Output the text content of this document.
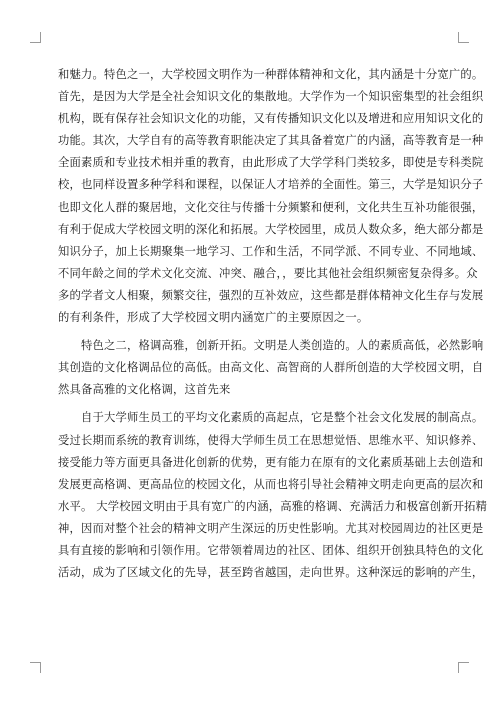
和魅力。特色之一，大学校园文明作为一种群体精神和文化，其内涵是十分宽广的。
首先，是因为大学是全社会知识文化的集散地。大学作为一个知识密集型的社会组织
机构，既有保存社会知识文化的功能，又有传播知识文化以及增进和应用知识文化的
功能。其次，大学自有的高等教育职能决定了其具备着宽广的内涵，高等教育是一种
全面素质和专业技术相并重的教育，由此形成了大学学科门类较多，即使是专科类院
校，也同样设置多种学科和课程，以保证人才培养的全面性。第三，大学是知识分子
也即文化人群的聚居地，文化交往与传播十分频繁和便利，文化共生互补功能很强，
有利于促成大学校园文明的深化和拓展。大学校园里，成员人数众多，绝大部分都是
知识分子，加上长期聚集一地学习、工作和生活，不同学派、不同专业、不同地域、
不同年龄之间的学术文化交流、冲突、融合，，要比其他社会组织频密复杂得多。众
多的学者文人相聚，频繁交往，强烈的互补效应，这些都是群体精神文化生存与发展
的有利条件，形成了大学校园文明内涵宽广的主要原因之一。
特色之二，格调高雅，创新开拓。文明是人类创造的。人的素质高低，必然影响
其创造的文化格调品位的高低。由高文化、高智商的人群所创造的大学校园文明，自
然具备高雅的文化格调，这首先来
自于大学师生员工的平均文化素质的高起点，它是整个社会文化发展的制高点。
受过长期而系统的教育训练，使得大学师生员工在思想觉悟、思维水平、知识修养、
接受能力等方面更具备进化创新的优势，更有能力在原有的文化素质基础上去创造和
发展更高格调、更高品位的校园文化，从而也将引导社会精神文明走向更高的层次和
水平。 大学校园文明由于具有宽广的内涵，高雅的格调、充满活力和极富创新开拓精
神，因而对整个社会的精神文明产生深远的历史性影响。尤其对校园周边的社区更是
具有直接的影响和引领作用。它带领着周边的社区、团体、组织开创独具特色的文化
活动，成为了区域文化的先导，甚至跨省越国，走向世界。这种深远的影响的产生，
